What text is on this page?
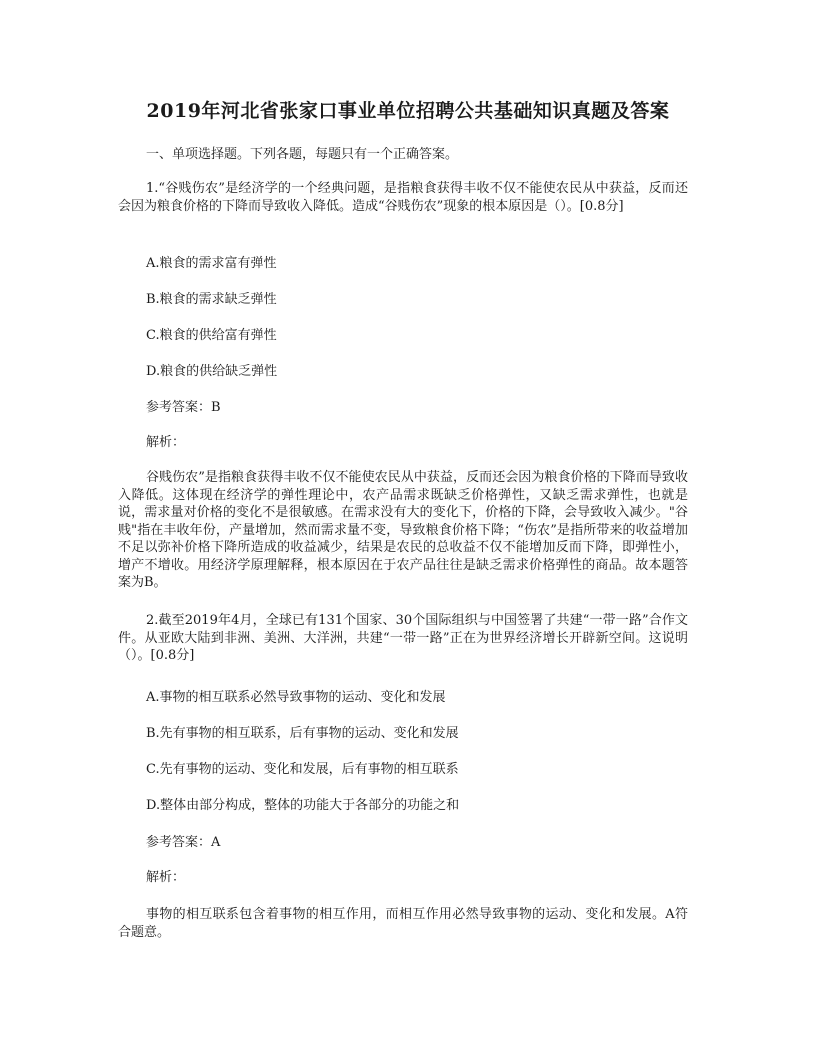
2019年河北省张家口事业单位招聘公共基础知识真题及答案
一、单项选择题。下列各题，每题只有一个正确答案。
1.“谷贱伤农”是经济学的一个经典问题，是指粮食获得丰收不仅不能使农民从中获益，反而还会因为粮食价格的下降而导致收入降低。造成“谷贱伤农”现象的根本原因是（）。[0.8分]
A.粮食的需求富有弹性
B.粮食的需求缺乏弹性
C.粮食的供给富有弹性
D.粮食的供给缺乏弹性
参考答案：B
解析：
谷贱伤农”是指粮食获得丰收不仅不能使农民从中获益，反而还会因为粮食价格的下降而导致收入降低。这体现在经济学的弹性理论中，农产品需求既缺乏价格弹性，又缺乏需求弹性，也就是说，需求量对价格的变化不是很敏感。在需求没有大的变化下，价格的下降，会导致收入减少。"谷贱"指在丰收年份，产量增加，然而需求量不变，导致粮食价格下降；“伤农”是指所带来的收益增加不足以弥补价格下降所造成的收益减少，结果是农民的总收益不仅不能增加反而下降，即弹性小，增产不增收。用经济学原理解释，根本原因在于农产品往往是缺乏需求价格弹性的商品。故本题答案为B。
2.截至2019年4月，全球已有131个国家、30个国际组织与中国签署了共建“一带一路”合作文件。从亚欧大陆到非洲、美洲、大洋洲，共建“一带一路”正在为世界经济增长开辟新空间。这说明（）。[0.8分]
A.事物的相互联系必然导致事物的运动、变化和发展
B.先有事物的相互联系，后有事物的运动、变化和发展
C.先有事物的运动、变化和发展，后有事物的相互联系
D.整体由部分构成，整体的功能大于各部分的功能之和
参考答案：A
解析：
事物的相互联系包含着事物的相互作用，而相互作用必然导致事物的运动、变化和发展。A符合题意。
